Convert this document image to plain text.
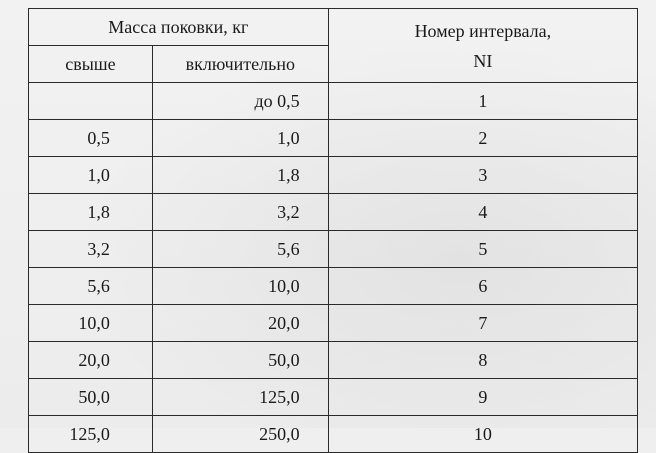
Масса поковки, кг		Номер интервала,
NI

свыше	включительно	
	до 0,5	1
0,5	1,0	2
1,0	1,8	3
1,8	3,2	4
3,2	5,6	5
5,6	10,0	6
10,0	20,0	7
20,0	50,0	8
50,0	125,0	9
125,0	250,0	10
